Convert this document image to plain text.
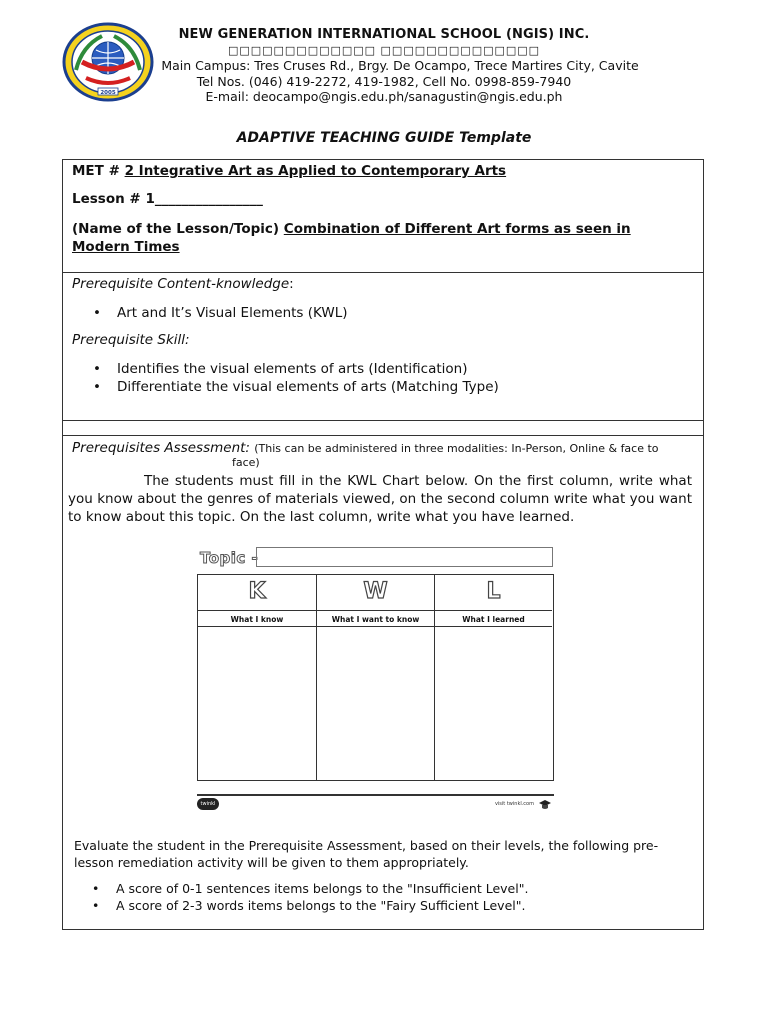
2005
NEW GENERATION INTERNATIONAL SCHOOL (NGIS) INC.
□□□□□□□□□□□□□ □□□□□□□□□□□□□□
Main Campus: Tres Cruses Rd., Brgy. De Ocampo, Trece Martires City, Cavite
Tel Nos. (046) 419-2272, 419-1982, Cell No. 0998-859-7940
E-mail: deocampo@ngis.edu.ph/sanagustin@ngis.edu.ph
ADAPTIVE TEACHING GUIDE Template
MET # 2 Integrative Art as Applied to Contemporary Arts
Lesson # 1________________
(Name of the Lesson/Topic) Combination of Different Art forms as seen in Modern Times
Prerequisite Content-knowledge:
• Art and It’s Visual Elements (KWL)
Prerequisite Skill:
• Identifies the visual elements of arts (Identification)
• Differentiate the visual elements of arts (Matching Type)
Prerequisites Assessment: (This can be administered in three modalities: In-Person, Online & face to
face)
The students must fill in the KWL Chart below. On the first column, write what you know about the genres of materials viewed, on the second column write what you want to know about this topic. On the last column, write what you have learned.
Topic -
K
What I know
W
What I want to know
L
What I learned
twinkl	visit twinkl.com
Evaluate the student in the Prerequisite Assessment, based on their levels, the following pre-lesson remediation activity will be given to them appropriately.
• A score of 0-1 sentences items belongs to the "Insufficient Level".
• A score of 2-3 words items belongs to the "Fairy Sufficient Level".
